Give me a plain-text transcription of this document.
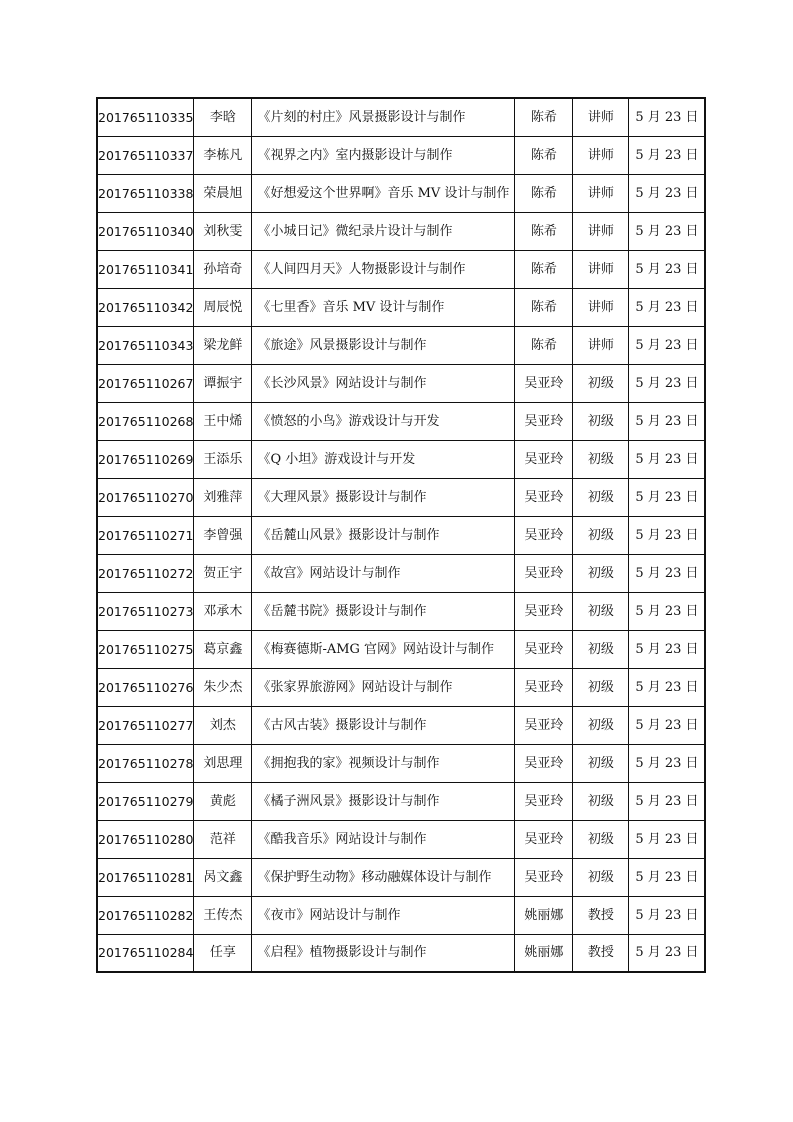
201765110335	李晗	《片刻的村庄》风景摄影设计与制作	陈希	讲师	5 月 23 日
201765110337	李栋凡	《视界之内》室内摄影设计与制作	陈希	讲师	5 月 23 日
201765110338	荣晨旭	《好想爱这个世界啊》音乐 MV 设计与制作	陈希	讲师	5 月 23 日
201765110340	刘秋雯	《小城日记》微纪录片设计与制作	陈希	讲师	5 月 23 日
201765110341	孙培奇	《人间四月天》人物摄影设计与制作	陈希	讲师	5 月 23 日
201765110342	周辰悦	《七里香》音乐 MV 设计与制作	陈希	讲师	5 月 23 日
201765110343	梁龙鲜	《旅途》风景摄影设计与制作	陈希	讲师	5 月 23 日
201765110267	谭振宇	《长沙风景》网站设计与制作	吴亚玲	初级	5 月 23 日
201765110268	王中烯	《愤怒的小鸟》游戏设计与开发	吴亚玲	初级	5 月 23 日
201765110269	王添乐	《Q 小坦》游戏设计与开发	吴亚玲	初级	5 月 23 日
201765110270	刘雅萍	《大理风景》摄影设计与制作	吴亚玲	初级	5 月 23 日
201765110271	李曾强	《岳麓山风景》摄影设计与制作	吴亚玲	初级	5 月 23 日
201765110272	贺正宇	《故宫》网站设计与制作	吴亚玲	初级	5 月 23 日
201765110273	邓承木	《岳麓书院》摄影设计与制作	吴亚玲	初级	5 月 23 日
201765110275	葛京鑫	《梅赛德斯-AMG 官网》网站设计与制作	吴亚玲	初级	5 月 23 日
201765110276	朱少杰	《张家界旅游网》网站设计与制作	吴亚玲	初级	5 月 23 日
201765110277	刘杰	《古风古装》摄影设计与制作	吴亚玲	初级	5 月 23 日
201765110278	刘思理	《拥抱我的家》视频设计与制作	吴亚玲	初级	5 月 23 日
201765110279	黄彪	《橘子洲风景》摄影设计与制作	吴亚玲	初级	5 月 23 日
201765110280	范祥	《酷我音乐》网站设计与制作	吴亚玲	初级	5 月 23 日
201765110281	呙文鑫	《保护野生动物》移动融媒体设计与制作	吴亚玲	初级	5 月 23 日
201765110282	王传杰	《夜市》网站设计与制作	姚丽娜	教授	5 月 23 日
201765110284	任享	《启程》植物摄影设计与制作	姚丽娜	教授	5 月 23 日
